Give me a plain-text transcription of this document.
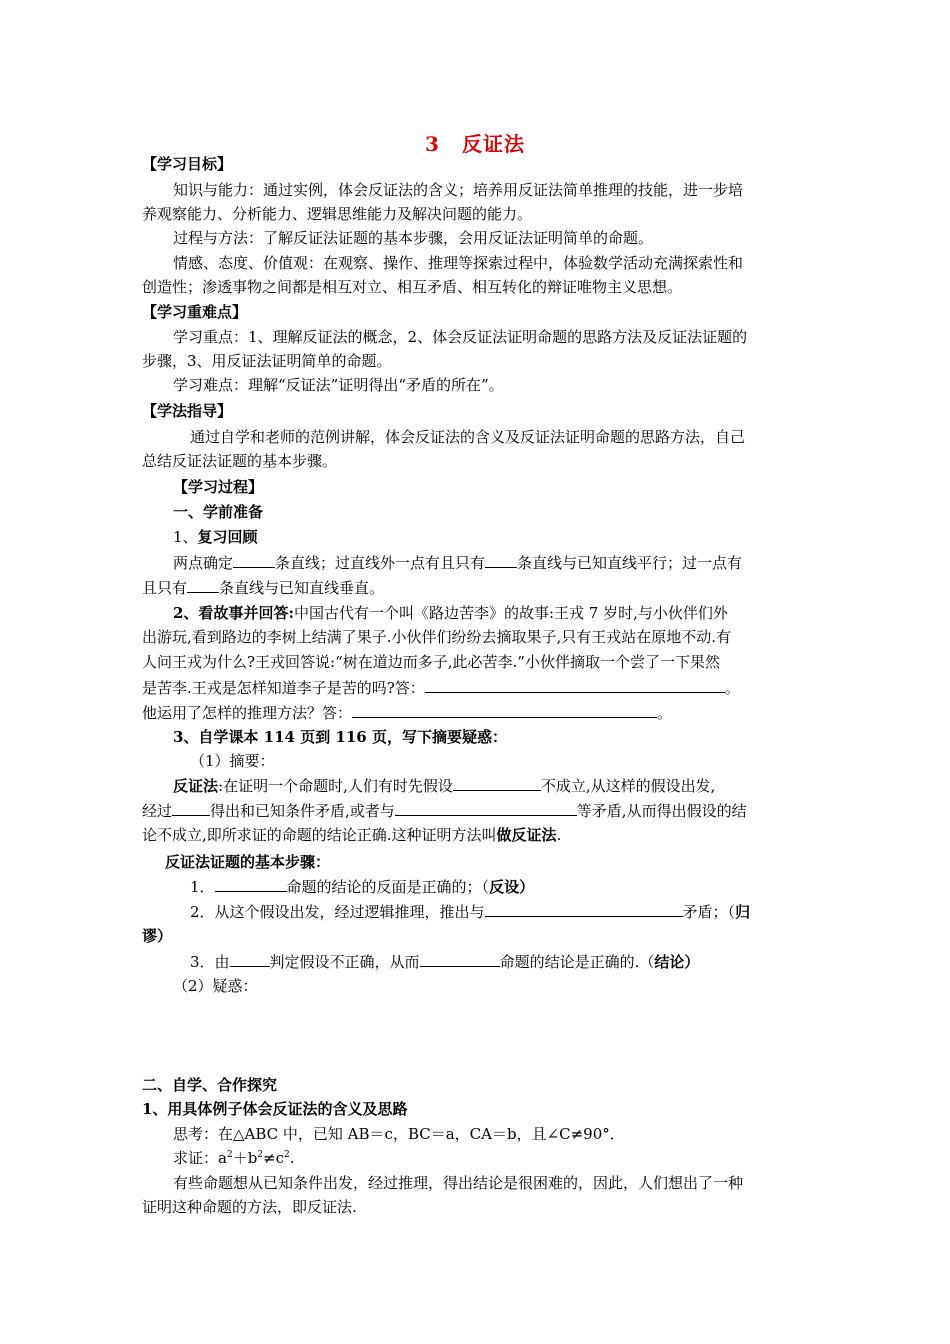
3 反证法
【学习目标】
知识与能力：通过实例，体会反证法的含义；培养用反证法简单推理的技能，进一步培
养观察能力、分析能力、逻辑思维能力及解决问题的能力。
过程与方法：了解反证法证题的基本步骤，会用反证法证明简单的命题。
情感、态度、价值观：在观察、操作、推理等探索过程中，体验数学活动充满探索性和
创造性；渗透事物之间都是相互对立、相互矛盾、相互转化的辩证唯物主义思想。
【学习重难点】
学习重点：1、理解反证法的概念，2、体会反证法证明命题的思路方法及反证法证题的
步骤，3、用反证法证明简单的命题。
学习难点：理解“反证法”证明得出“矛盾的所在”。
【学法指导】
通过自学和老师的范例讲解，体会反证法的含义及反证法证明命题的思路方法，自己
总结反证法证题的基本步骤。
【学习过程】
一、学前准备
1、复习回顾
两点确定	条直线；过直线外一点有且只有 条直线与已知直线平行；过一点有
且只有 条直线与已知直线垂直。
2、看故事并回答:中国古代有一个叫《路边苦李》的故事:王戎 7 岁时,与小伙伴们外
出游玩,看到路边的李树上结满了果子.小伙伴们纷纷去摘取果子,只有王戎站在原地不动.有
人问王戎为什么?王戎回答说:“树在道边而多子,此必苦李.”小伙伴摘取一个尝了一下果然
是苦李.王戎是怎样知道李子是苦的吗?答：	。
他运用了怎样的推理方法？答：	。
3、自学课本 114 页到 116 页，写下摘要疑惑：
（1）摘要：
反证法:在证明一个命题时,人们有时先假设	不成立,从这样的假设出发,
经过	得出和已知条件矛盾,或者与	等矛盾,从而得出假设的结
论不成立,即所求证的命题的结论正确.这种证明方法叫做反证法.
反证法证题的基本步骤：
1．	命题的结论的反面是正确的；（反设）
2．从这个假设出发，经过逻辑推理，推出与	矛盾；（归
谬）
3．由	判定假设不正确，从而	命题的结论是正确的.（结论）
（2）疑惑：
二、自学、合作探究
1、用具体例子体会反证法的含义及思路
思考：在△ABC 中，已知 AB＝c，BC＝a，CA＝b，且∠C≠90°．
求证：$a^2+b^2\ne c^2$.
有些命题想从已知条件出发，经过推理，得出结论是很困难的，因此，人们想出了一种
证明这种命题的方法，即反证法.
